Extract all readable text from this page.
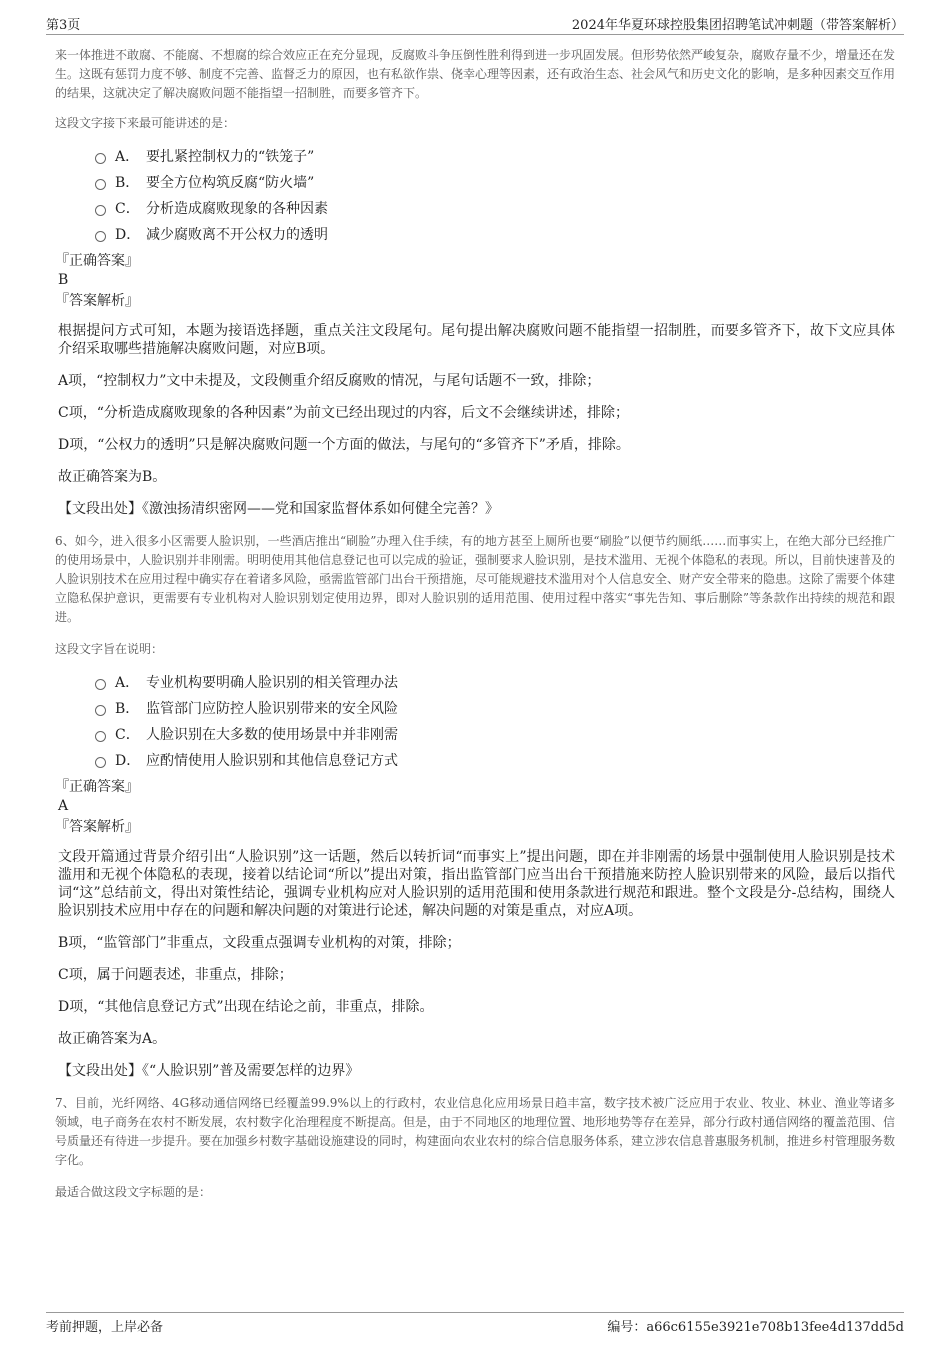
第3页	2024年华夏环球控股集团招聘笔试冲刺题（带答案解析）

来一体推进不敢腐、不能腐、不想腐的综合效应正在充分显现，反腐败斗争压倒性胜利得到进一步巩固发展。但形势依然严峻复杂，腐败存量不少，增量还在发生。这既有惩罚力度不够、制度不完善、监督乏力的原因，也有私欲作祟、侥幸心理等因素，还有政治生态、社会风气和历史文化的影响，是多种因素交互作用的结果，这就决定了解决腐败问题不能指望一招制胜，而要多管齐下。

这段文字接下来最可能讲述的是：

A． 要扎紧控制权力的“铁笼子”
B． 要全方位构筑反腐“防火墙”
C． 分析造成腐败现象的各种因素
D． 减少腐败离不开公权力的透明

『正确答案』

B

『答案解析』

根据提问方式可知，本题为接语选择题，重点关注文段尾句。尾句提出解决腐败问题不能指望一招制胜，而要多管齐下，故下文应具体介绍采取哪些措施解决腐败问题，对应B项。

A项，“控制权力”文中未提及，文段侧重介绍反腐败的情况，与尾句话题不一致，排除；

C项，“分析造成腐败现象的各种因素”为前文已经出现过的内容，后文不会继续讲述，排除；

D项，“公权力的透明”只是解决腐败问题一个方面的做法，与尾句的“多管齐下”矛盾，排除。

故正确答案为B。

【文段出处】《激浊扬清织密网——党和国家监督体系如何健全完善？》

6、如今，进入很多小区需要人脸识别，一些酒店推出“刷脸”办理入住手续，有的地方甚至上厕所也要“刷脸”以便节约厕纸……而事实上，在绝大部分已经推广的使用场景中，人脸识别并非刚需。明明使用其他信息登记也可以完成的验证，强制要求人脸识别，是技术滥用、无视个体隐私的表现。所以，目前快速普及的人脸识别技术在应用过程中确实存在着诸多风险，亟需监管部门出台干预措施，尽可能规避技术滥用对个人信息安全、财产安全带来的隐患。这除了需要个体建立隐私保护意识，更需要有专业机构对人脸识别划定使用边界，即对人脸识别的适用范围、使用过程中落实“事先告知、事后删除”等条款作出持续的规范和跟进。

这段文字旨在说明：

A． 专业机构要明确人脸识别的相关管理办法
B． 监管部门应防控人脸识别带来的安全风险
C． 人脸识别在大多数的使用场景中并非刚需
D． 应酌情使用人脸识别和其他信息登记方式

『正确答案』

A

『答案解析』

文段开篇通过背景介绍引出“人脸识别”这一话题，然后以转折词“而事实上”提出问题，即在并非刚需的场景中强制使用人脸识别是技术滥用和无视个体隐私的表现，接着以结论词“所以”提出对策，指出监管部门应当出台干预措施来防控人脸识别带来的风险，最后以指代词“这”总结前文，得出对策性结论，强调专业机构应对人脸识别的适用范围和使用条款进行规范和跟进。整个文段是分-总结构，围绕人脸识别技术应用中存在的问题和解决问题的对策进行论述，解决问题的对策是重点，对应A项。

B项，“监管部门”非重点，文段重点强调专业机构的对策，排除；

C项，属于问题表述，非重点，排除；

D项，“其他信息登记方式”出现在结论之前，非重点，排除。

故正确答案为A。

【文段出处】《“人脸识别”普及需要怎样的边界》

7、目前，光纤网络、4G移动通信网络已经覆盖99.9%以上的行政村，农业信息化应用场景日趋丰富，数字技术被广泛应用于农业、牧业、林业、渔业等诸多领域，电子商务在农村不断发展，农村数字化治理程度不断提高。但是，由于不同地区的地理位置、地形地势等存在差异，部分行政村通信网络的覆盖范围、信号质量还有待进一步提升。要在加强乡村数字基础设施建设的同时，构建面向农业农村的综合信息服务体系，建立涉农信息普惠服务机制，推进乡村管理服务数字化。

最适合做这段文字标题的是：

考前押题，上岸必备	编号：a66c6155e3921e708b13fee4d137dd5d
